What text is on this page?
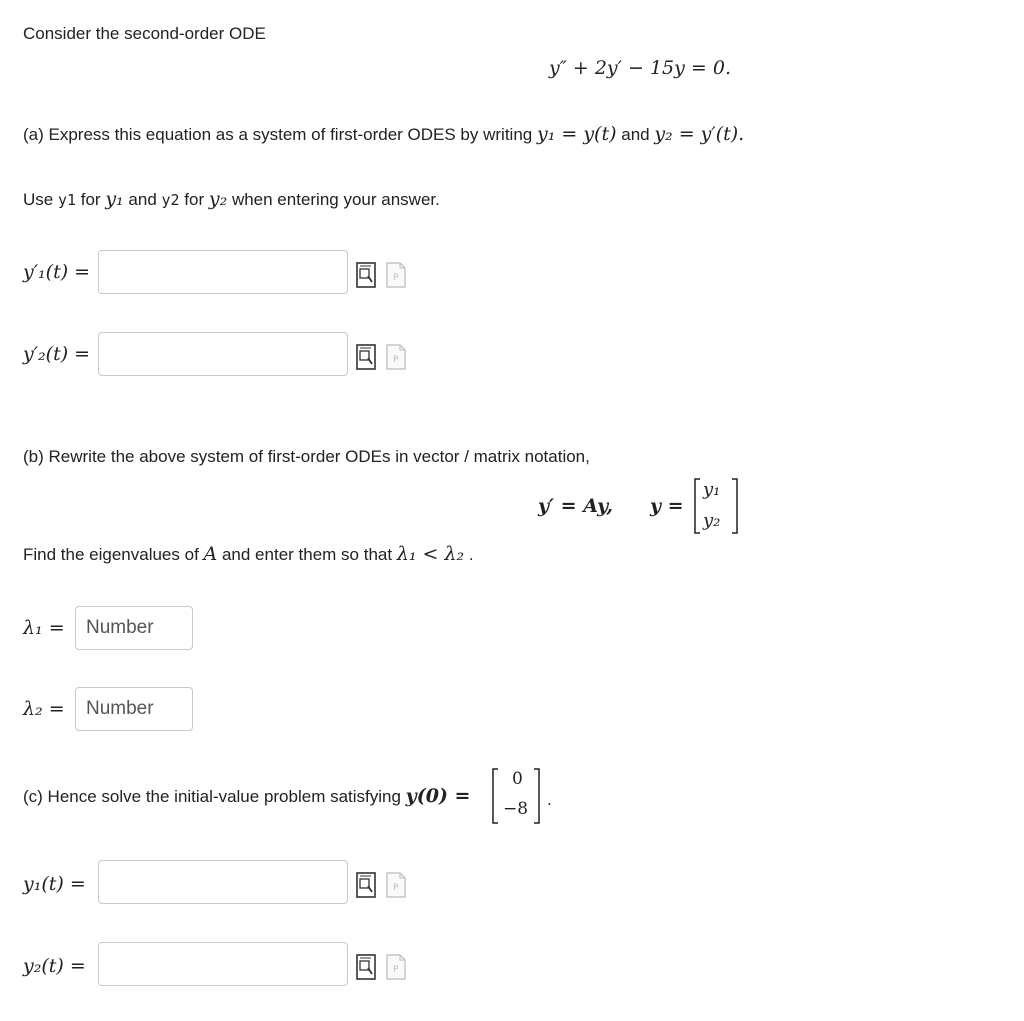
Consider the second-order ODE
y″ + 2y′ − 15y = 0.
(a) Express this equation as a system of first-order ODES by writing y₁ = y(t) and y₂ = y′(t).
Use y1 for y₁ and y2 for y₂ when entering your answer.
y′₁(t) =	P
y′₂(t) =	P
(b) Rewrite the above system of first-order ODEs in vector / matrix notation,
y′ = Ay, y =
y₁
y₂
Find the eigenvalues of A and enter them so that λ₁ < λ₂ .
λ₁ =	Number
λ₂ =	Number
(c) Hence solve the initial-value problem satisfying y(0) =
0
−8 .
y₁(t) =	P
y₂(t) =	P
